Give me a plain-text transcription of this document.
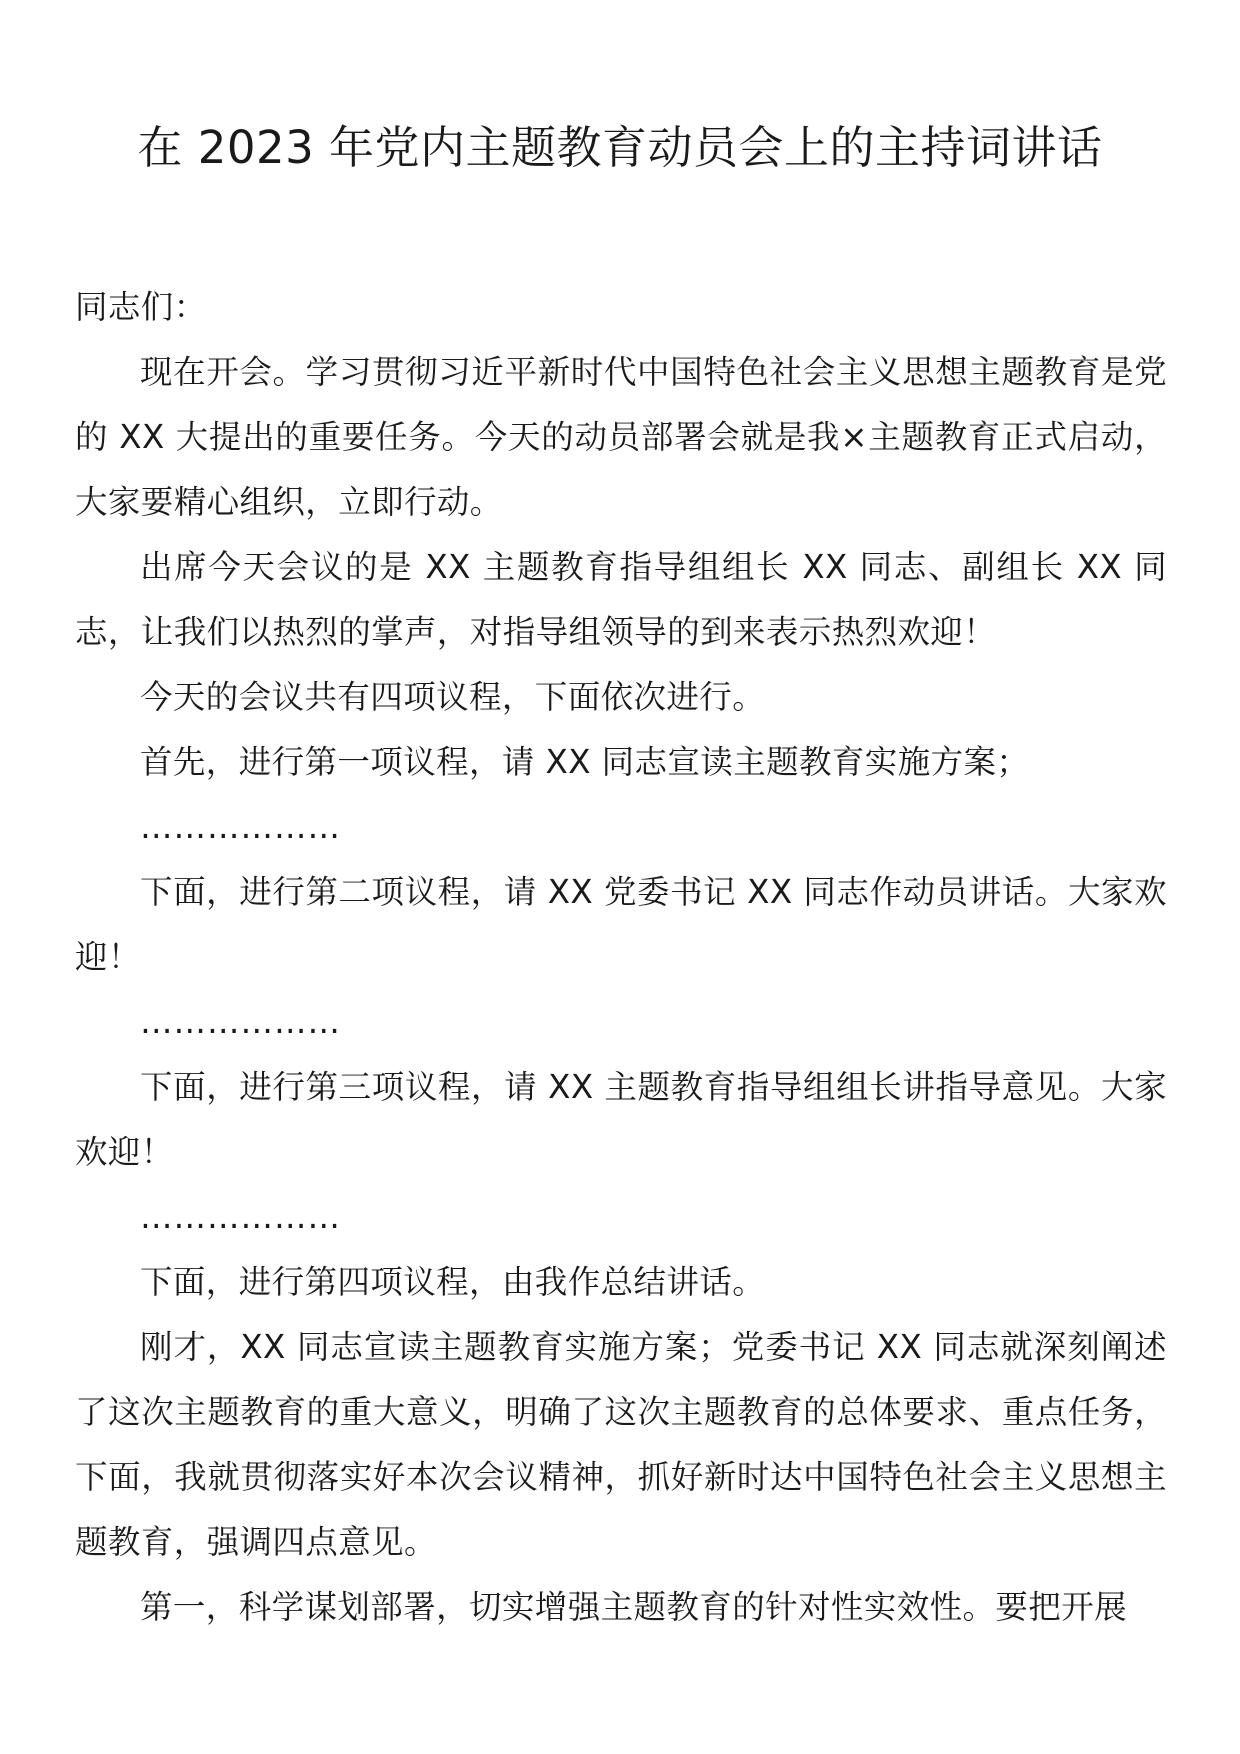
在 2023 年党内主题教育动员会上的主持词讲话

同志们：

现在开会。学习贯彻习近平新时代中国特色社会主义思想主题教育是党的 XX 大提出的重要任务。今天的动员部署会就是我×主题教育正式启动，大家要精心组织，立即行动。

出席今天会议的是 XX 主题教育指导组组长 XX 同志、副组长 XX 同志，让我们以热烈的掌声，对指导组领导的到来表示热烈欢迎！

今天的会议共有四项议程，下面依次进行。

首先，进行第一项议程，请 XX 同志宣读主题教育实施方案；

………………

下面，进行第二项议程，请 XX 党委书记 XX 同志作动员讲话。大家欢迎！

………………

下面，进行第三项议程，请 XX 主题教育指导组组长讲指导意见。大家欢迎！

………………

下面，进行第四项议程，由我作总结讲话。

刚才，XX 同志宣读主题教育实施方案；党委书记 XX 同志就深刻阐述了这次主题教育的重大意义，明确了这次主题教育的总体要求、重点任务，下面，我就贯彻落实好本次会议精神，抓好新时达中国特色社会主义思想主题教育，强调四点意见。

第一，科学谋划部署，切实增强主题教育的针对性实效性。要把开展
